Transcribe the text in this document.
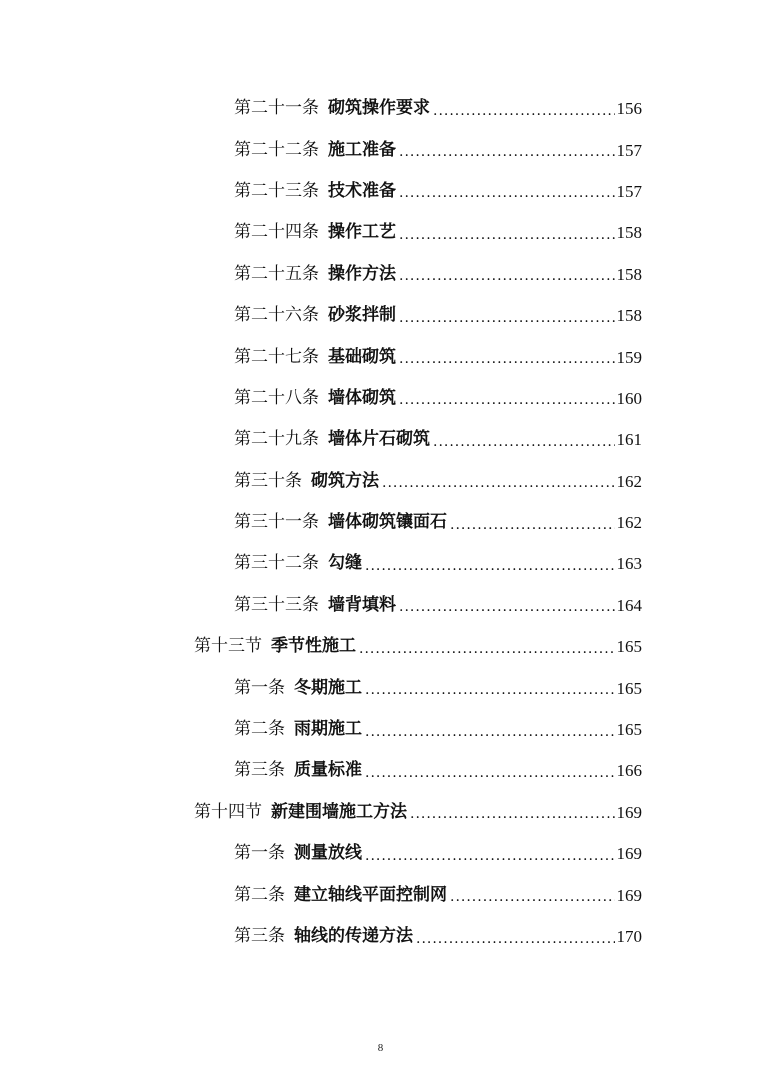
第二十一条 砌筑操作要求 .....	156
第二十二条 施工准备 .....	157
第二十三条 技术准备 .....	157
第二十四条 操作工艺 .....	158
第二十五条 操作方法 .....	158
第二十六条 砂浆拌制 .....	158
第二十七条 基础砌筑 .....	159
第二十八条 墙体砌筑 .....	160
第二十九条 墙体片石砌筑 .....	161
第三十条 砌筑方法 .....	162
第三十一条 墙体砌筑镶面石 .....	162
第三十二条 勾缝 .....	163
第三十三条 墙背填料 .....	164
第十三节 季节性施工 .....	165
第一条 冬期施工 .....	165
第二条 雨期施工 .....	165
第三条 质量标准 .....	166
第十四节 新建围墙施工方法 .....	169
第一条 测量放线 .....	169
第二条 建立轴线平面控制网 .....	169
第三条 轴线的传递方法 .....	170
8
